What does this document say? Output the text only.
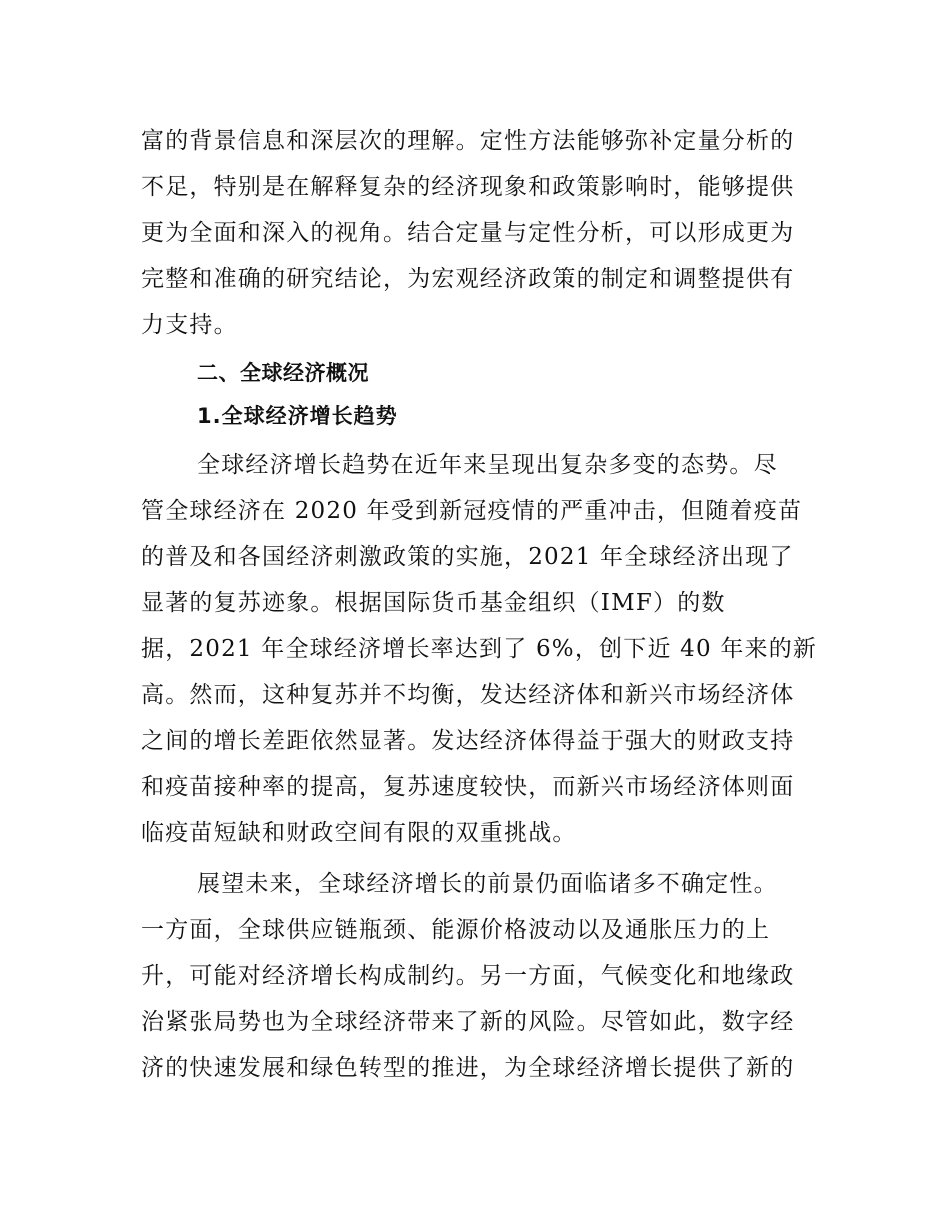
富的背景信息和深层次的理解。定性方法能够弥补定量分析的
不足，特别是在解释复杂的经济现象和政策影响时，能够提供
更为全面和深入的视角。结合定量与定性分析，可以形成更为
完整和准确的研究结论，为宏观经济政策的制定和调整提供有
力支持。
二、全球经济概况
1.全球经济增长趋势
全球经济增长趋势在近年来呈现出复杂多变的态势。尽
管全球经济在 2020 年受到新冠疫情的严重冲击，但随着疫苗
的普及和各国经济刺激政策的实施，2021 年全球经济出现了
显著的复苏迹象。根据国际货币基金组织（IMF）的数
据，2021 年全球经济增长率达到了 6%，创下近 40 年来的新
高。然而，这种复苏并不均衡，发达经济体和新兴市场经济体
之间的增长差距依然显著。发达经济体得益于强大的财政支持
和疫苗接种率的提高，复苏速度较快，而新兴市场经济体则面
临疫苗短缺和财政空间有限的双重挑战。
展望未来，全球经济增长的前景仍面临诸多不确定性。
一方面，全球供应链瓶颈、能源价格波动以及通胀压力的上
升，可能对经济增长构成制约。另一方面，气候变化和地缘政
治紧张局势也为全球经济带来了新的风险。尽管如此，数字经
济的快速发展和绿色转型的推进，为全球经济增长提供了新的
